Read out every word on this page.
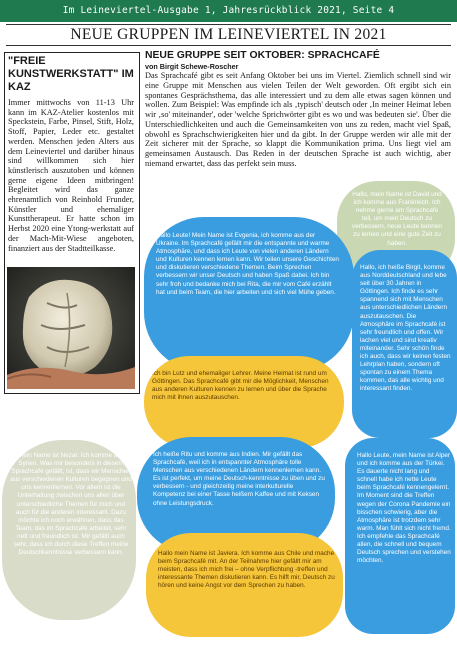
Im Leineviertel-Ausgabe 1, Jahresrückblick 2021, Seite 4
NEUE GRUPPEN IM LEINEVIERTEL IN 2021
"FREIE KUNSTWERKSTATT" IM KAZ
Immer mittwochs von 11-13 Uhr kann im KAZ-Atelier kostenlos mit Speckstein, Farbe, Pinsel, Stift, Holz, Stoff, Papier, Leder etc. gestaltet werden. Menschen jeden Alters aus dem Leineviertel und darüber hinaus sind willkommen sich hier künstlerisch auszutoben und können gerne eigene Ideen mitbringen! Begleitet wird das ganze ehrenamtlich von Reinhold Frunder, Künstler und ehemaliger Kunsttherapeut. Er hatte schon im Herbst 2020 eine Ytong-werkstatt auf der Mach-Mit-Wiese angeboten, finanziert aus der Stadtteilkasse.
NEUE GRUPPE SEIT OKTOBER: SPRACHCAFÉ
von Birgit Schewe-Roscher
Das Sprachcafé gibt es seit Anfang Oktober bei uns im Viertel. Ziemlich schnell sind wir eine Gruppe mit Menschen aus vielen Teilen der Welt geworden. Oft ergibt sich ein spontanes Gesprächsthema, das alle interessiert und zu dem alle etwas sagen können und wollen. Zum Beispiel: Was empfinde ich als ‚typisch' deutsch oder ‚In meiner Heimat leben wir ‚so' miteinander', oder 'welche Sprichwörter gibt es wo und was bedeuten sie'. Über die Unterschiedlichkeiten und auch die Gemeinsamkeiten von uns zu reden, macht viel Spaß, obwohl es Sprachschwierigkeiten hier und da gibt. In der Gruppe werden wir alle mit der Zeit sicherer mit der Sprache, so klappt die Kommunikation prima. Uns liegt viel am gemeinsamen Austausch. Das Reden in der deutschen Sprache ist auch wichtig, aber niemand erwartet, dass das perfekt sein muss.
Hallo, mein Name ist David und ich komme aus Frankreich. Ich nehme gerne am Sprachcafé teil, um mein Deutsch zu verbessern, neue Leute kennen zu lernen und eine gute Zeit zu haben.
Hallo Leute! Mein Name ist Evgenia, ich komme aus der Ukraine. Im Sprachcafé gefällt mir die entspannte und warme Atmosphäre, und dass ich Leute von vielen anderen Ländern und Kulturen kennen lernen kann. Wir teilen unsere Geschichten und diskutieren verschiedene Themen. Beim Sprechen verbessern wir unser Deutsch und haben Spaß dabei. Ich bin sehr froh und bedanke mich bei Rita, die mir vom Café erzählt hat und beim Team, die hier arbeiten und sich viel Mühe geben.
Hallo, ich heiße Birgit, komme aus Norddeutschland und lebe seit über 30 Jahren in Göttingen. Ich finde es sehr spannend sich mit Menschen aus unterschiedlichen Ländern auszutauschen. Die Atmosphäre im Sprachcafé ist sehr freundlich und offen. Wir lachen viel und sind kreativ miteinander. Sehr schön finde ich auch, dass wir keinen festen Lehrplan haben, sondern oft spontan zu einem Thema kommen, das alle wichtig und interessant finden.
Ich bin Lutz und ehemaliger Lehrer. Meine Heimat ist rund um Göttingen. Das Sprachcafé gibt mir die Möglichkeit, Menschen aus anderen Kulturen kennen zu lernen und über die Sprache mich mit ihnen auszutauschen.
Ich heiße Ritu und komme aus Indien. Mir gefällt das Sprachcafé, weil ich in entspannter Atmosphäre tolle Menschen aus verschiedenen Ländern kennenlernen kann. Es ist perfekt, um meine Deutsch-kenntnisse zu üben und zu verbessern - und gleichzeitig meine interkulturelle Kompetenz bei einer Tasse heißem Kaffee und mit Keksen ohne Leistungsdruck.
Mein Name ist Nezar. Ich komme aus Syrien. Was mir besonders in diesem Sprachcafé gefällt, ist, dass wir Menschen aus verschiedenen Kulturen begegnen und uns kennenlernen. Vor allem ist die Unterhaltung zwischen uns allen über unterschiedliche Themen für mich und auch für die anderen interessant. Dazu möchte ich noch erwähnen, dass das Team, das im Sprachcafé arbeitet, sehr nett und freundlich ist. Mir gefällt auch sehr, dass ich durch diese Treffen meine Deutschkenntnisse verbessern kann.
Hallo Leute, mein Name ist Alper und ich komme aus der Türkei. Es dauerte nicht lang und schnell habe ich nette Leute beim Sprachcafé kennengelernt. Im Moment sind die Treffen wegen der Corona Pandemie ein bisschen schwierig, aber die Atmosphäre ist trotzdem sehr warm. Man fühlt sich nicht fremd. Ich empfehle das Sprachcafé allen, die schnell und bequem Deutsch sprechen und verstehen möchten.
Hallo mein Name ist Javiera. Ich komme aus Chile und mache beim Sprachcafé mit. An der Teilnahme hier gefällt mir am meisten, dass ich mich frei – ohne Verpflichtung -treffen und interessante Themen diskutieren kann. Es hilft mir, Deutsch zu hören und keine Angst vor dem Sprechen zu haben.
